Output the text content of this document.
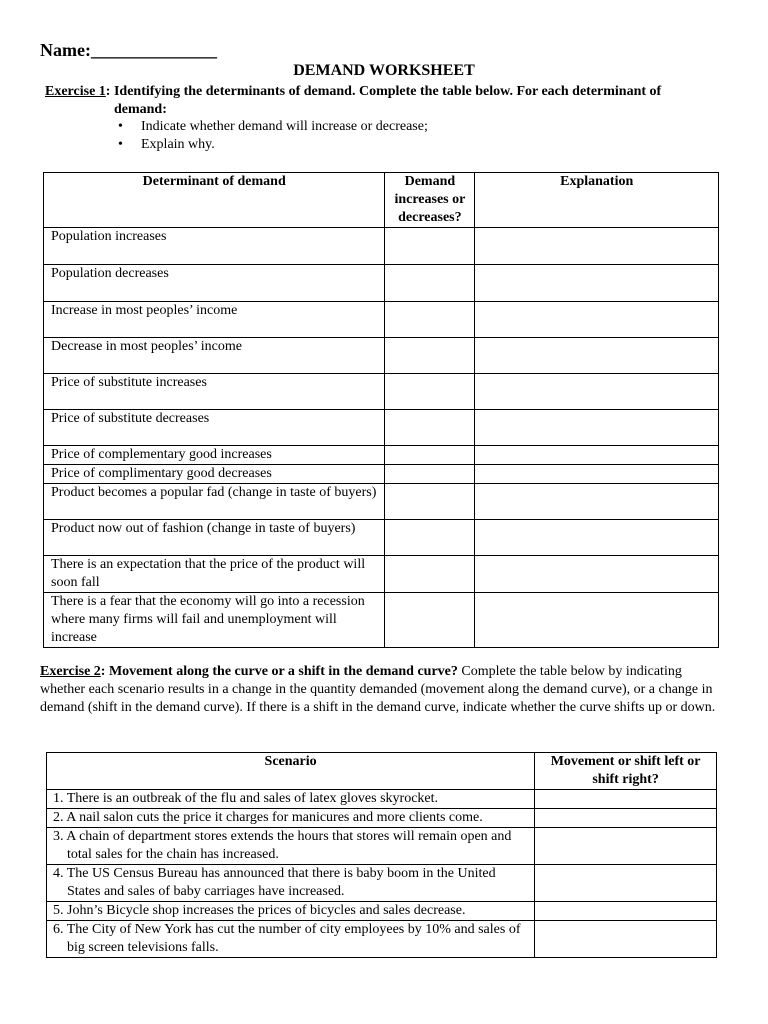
Name:______________
DEMAND WORKSHEET
Exercise 1: Identifying the determinants of demand. Complete the table below. For each determinant of demand:
•	Indicate whether demand will increase or decrease;
•	Explain why.
Determinant of demand	Demand increases or decreases?	Explanation
Population increases		
Population decreases		
Increase in most peoples’ income		
Decrease in most peoples’ income		
Price of substitute increases		
Price of substitute decreases		
Price of complementary good increases		
Price of complimentary good decreases		
Product becomes a popular fad (change in taste of buyers)		
Product now out of fashion (change in taste of buyers)		
There is an expectation that the price of the product will soon fall		
There is a fear that the economy will go into a recession where many firms will fail and unemployment will increase		
Exercise 2: Movement along the curve or a shift in the demand curve? Complete the table below by indicating whether each scenario results in a change in the quantity demanded (movement along the demand curve), or a change in demand (shift in the demand curve). If there is a shift in the demand curve, indicate whether the curve shifts up or down.
Scenario	Movement or shift left or shift right?

1. There is an outbreak of the flu and sales of latex gloves skyrocket.	

2. A nail salon cuts the price it charges for manicures and more clients come.	

3. A chain of department stores extends the hours that stores will remain open and total sales for the chain has increased.	

4. The US Census Bureau has announced that there is baby boom in the United States and sales of baby carriages have increased.	

5. John’s Bicycle shop increases the prices of bicycles and sales decrease.	

6. The City of New York has cut the number of city employees by 10% and sales of big screen televisions falls.	
